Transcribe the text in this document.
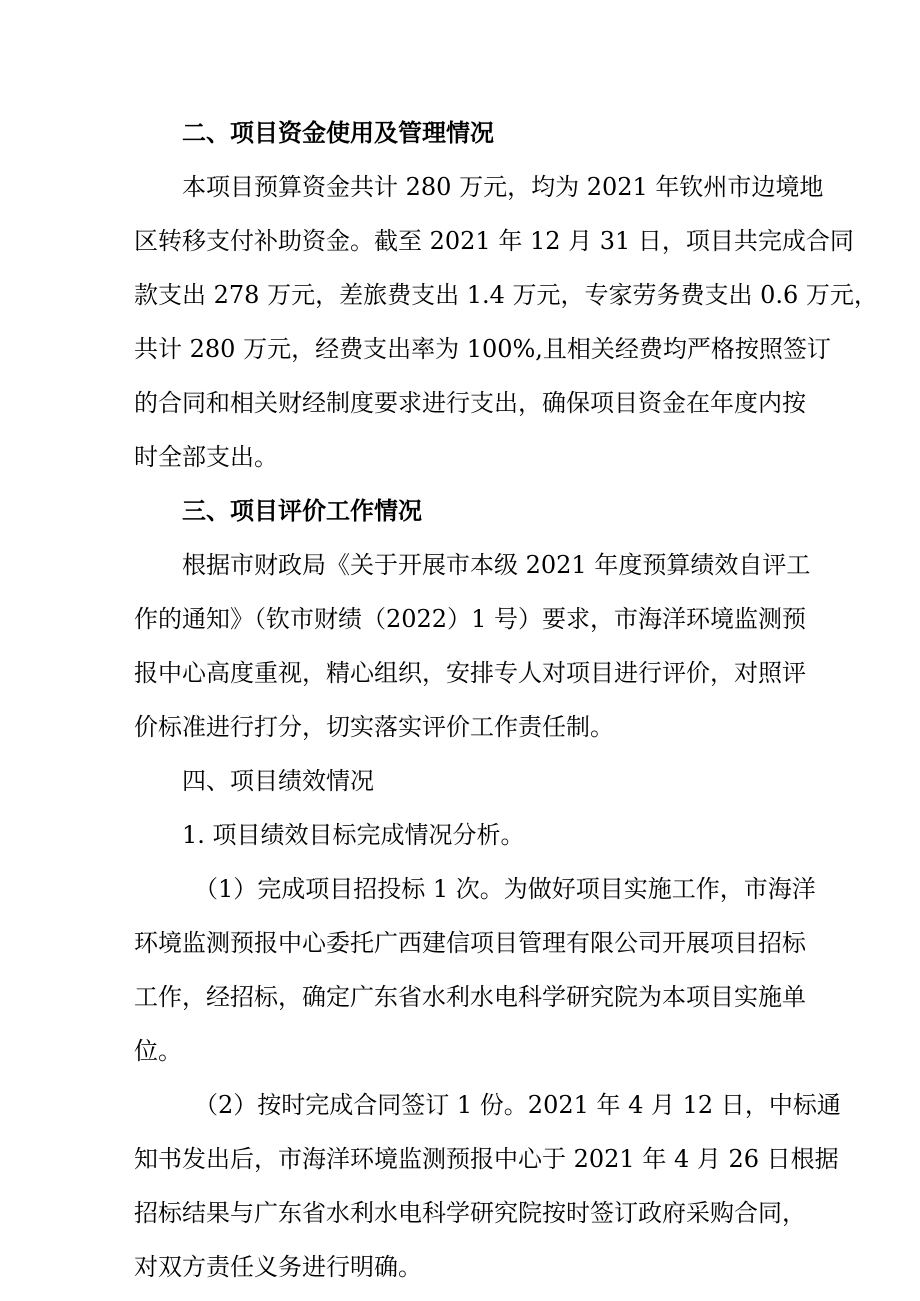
二、项目资金使用及管理情况
本项目预算资金共计 280 万元，均为 2021 年钦州市边境地
区转移支付补助资金。截至 2021 年 12 月 31 日，项目共完成合同
款支出 278 万元，差旅费支出 1.4 万元，专家劳务费支出 0.6 万元，
共计 280 万元，经费支出率为 100%,且相关经费均严格按照签订
的合同和相关财经制度要求进行支出，确保项目资金在年度内按
时全部支出。
三、项目评价工作情况
根据市财政局《关于开展市本级 2021 年度预算绩效自评工
作的通知》（钦市财绩（2022）1 号）要求，市海洋环境监测预
报中心高度重视，精心组织，安排专人对项目进行评价，对照评
价标准进行打分，切实落实评价工作责任制。
四、项目绩效情况
1. 项目绩效目标完成情况分析。
（1）完成项目招投标 1 次。为做好项目实施工作，市海洋
环境监测预报中心委托广西建信项目管理有限公司开展项目招标
工作，经招标，确定广东省水利水电科学研究院为本项目实施单
位。
（2）按时完成合同签订 1 份。2021 年 4 月 12 日，中标通
知书发出后，市海洋环境监测预报中心于 2021 年 4 月 26 日根据
招标结果与广东省水利水电科学研究院按时签订政府采购合同，
对双方责任义务进行明确。
